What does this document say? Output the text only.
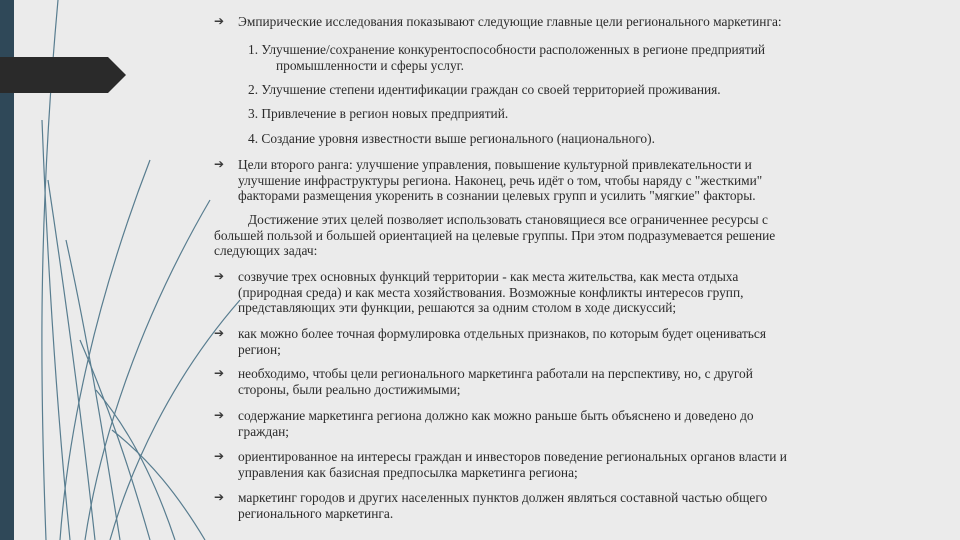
➔ Эмпирические исследования показывают следующие главные цели регионального маркетинга:
1. Улучшение/сохранение конкурентоспособности расположенных в регионе предприятий
промышленности и сферы услуг.
2. Улучшение степени идентификации граждан со своей территорией проживания.
3. Привлечение в регион новых предприятий.
4. Создание уровня известности выше регионального (национального).
➔ Цели второго ранга: улучшение управления, повышение культурной привлекательности и
улучшение инфраструктуры региона. Наконец, речь идёт о том, чтобы наряду с "жесткими"
факторами размещения укоренить в сознании целевых групп и усилить "мягкие" факторы.
Достижение этих целей позволяет использовать становящиеся все ограниченнее ресурсы с
большей пользой и большей ориентацией на целевые группы. При этом подразумевается решение
следующих задач:
➔ созвучие трех основных функций территории - как места жительства, как места отдыха
(природная среда) и как места хозяйствования. Возможные конфликты интересов групп,
представляющих эти функции, решаются за одним столом в ходе дискуссий;
➔ как можно более точная формулировка отдельных признаков, по которым будет оцениваться
регион;
➔ необходимо, чтобы цели регионального маркетинга работали на перспективу, но, с другой
стороны, были реально достижимыми;
➔ содержание маркетинга региона должно как можно раньше быть объяснено и доведено до
граждан;
➔ ориентированное на интересы граждан и инвесторов поведение региональных органов власти и
управления как базисная предпосылка маркетинга региона;
➔ маркетинг городов и других населенных пунктов должен являться составной частью общего
регионального маркетинга.
